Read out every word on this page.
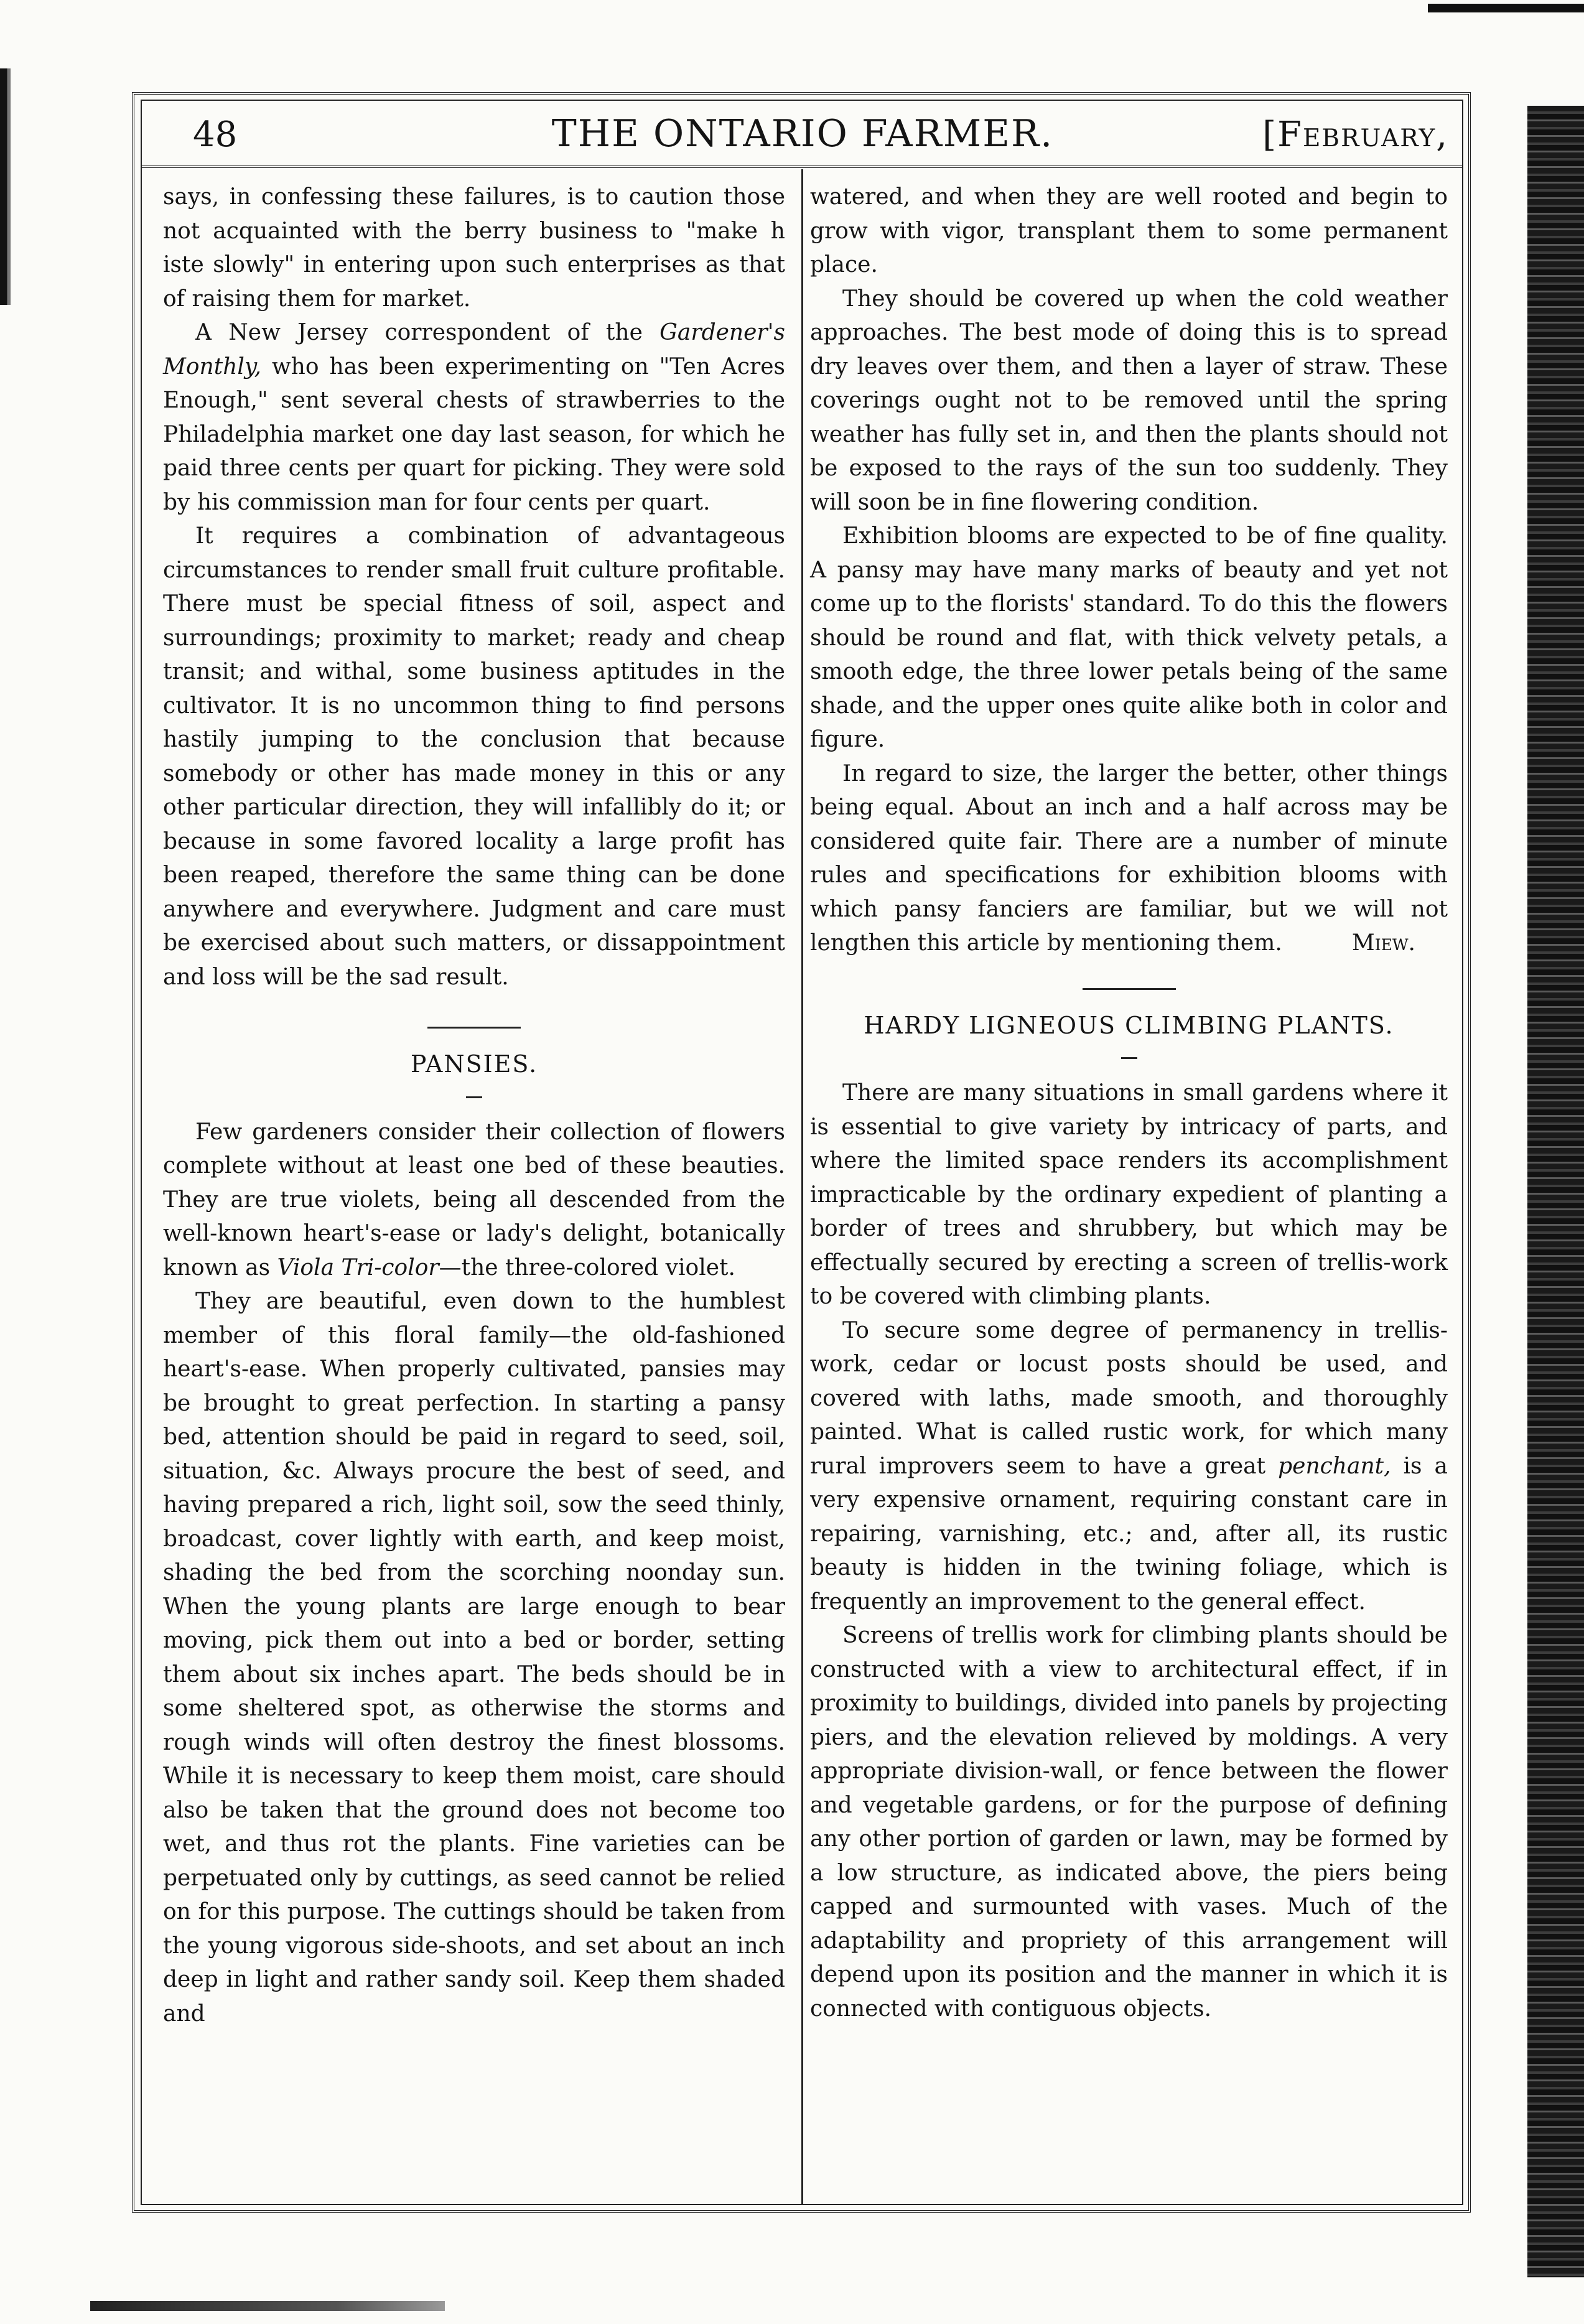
48	THE ONTARIO FARMER.	[February,

says, in confessing these failures, is to caution those not acquainted with the berry business to "make h iste slowly" in entering upon such enterprises as that of raising them for market.

A New Jersey correspondent of the Gardener's Monthly, who has been experimenting on "Ten Acres Enough," sent several chests of strawberries to the Philadelphia market one day last season, for which he paid three cents per quart for picking. They were sold by his commission man for four cents per quart.

It requires a combination of advantageous circumstances to render small fruit culture profitable. There must be special fitness of soil, aspect and surroundings; proximity to market; ready and cheap transit; and withal, some business aptitudes in the cultivator. It is no uncommon thing to find persons hastily jumping to the conclusion that because somebody or other has made money in this or any other particular direction, they will infallibly do it; or because in some favored locality a large profit has been reaped, therefore the same thing can be done anywhere and everywhere. Judgment and care must be exercised about such matters, or dissappointment and loss will be the sad result.

PANSIES.

Few gardeners consider their collection of flowers complete without at least one bed of these beauties. They are true violets, being all descended from the well-known heart's-ease or lady's delight, botanically known as Viola Tri-color—the three-colored violet.

They are beautiful, even down to the humblest member of this floral family—the old-fashioned heart's-ease. When properly cultivated, pansies may be brought to great perfection. In starting a pansy bed, attention should be paid in regard to seed, soil, situation, &c. Always procure the best of seed, and having prepared a rich, light soil, sow the seed thinly, broadcast, cover lightly with earth, and keep moist, shading the bed from the scorching noonday sun. When the young plants are large enough to bear moving, pick them out into a bed or border, setting them about six inches apart. The beds should be in some sheltered spot, as otherwise the storms and rough winds will often destroy the finest blossoms. While it is necessary to keep them moist, care should also be taken that the ground does not become too wet, and thus rot the plants. Fine varieties can be perpetuated only by cuttings, as seed cannot be relied on for this purpose. The cuttings should be taken from the young vigorous side-shoots, and set about an inch deep in light and rather sandy soil. Keep them shaded and

watered, and when they are well rooted and begin to grow with vigor, transplant them to some permanent place.

They should be covered up when the cold weather approaches. The best mode of doing this is to spread dry leaves over them, and then a layer of straw. These coverings ought not to be removed until the spring weather has fully set in, and then the plants should not be exposed to the rays of the sun too suddenly. They will soon be in fine flowering condition.

Exhibition blooms are expected to be of fine quality. A pansy may have many marks of beauty and yet not come up to the florists' standard. To do this the flowers should be round and flat, with thick velvety petals, a smooth edge, the three lower petals being of the same shade, and the upper ones quite alike both in color and figure.

In regard to size, the larger the better, other things being equal. About an inch and a half across may be considered quite fair. There are a number of minute rules and specifications for exhibition blooms with which pansy fanciers are familiar, but we will not lengthen this article by mentioning them.	Miew.

HARDY LIGNEOUS CLIMBING PLANTS.

There are many situations in small gardens where it is essential to give variety by intricacy of parts, and where the limited space renders its accomplishment impracticable by the ordinary expedient of planting a border of trees and shrubbery, but which may be effectually secured by erecting a screen of trellis-work to be covered with climbing plants.

To secure some degree of permanency in trellis-work, cedar or locust posts should be used, and covered with laths, made smooth, and thoroughly painted. What is called rustic work, for which many rural improvers seem to have a great penchant, is a very expensive ornament, requiring constant care in repairing, varnishing, etc.; and, after all, its rustic beauty is hidden in the twining foliage, which is frequently an improvement to the general effect.

Screens of trellis work for climbing plants should be constructed with a view to architectural effect, if in proximity to buildings, divided into panels by projecting piers, and the elevation relieved by moldings. A very appropriate division-wall, or fence between the flower and vegetable gardens, or for the purpose of defining any other portion of garden or lawn, may be formed by a low structure, as indicated above, the piers being capped and surmounted with vases. Much of the adaptability and propriety of this arrangement will depend upon its position and the manner in which it is connected with contiguous objects.
